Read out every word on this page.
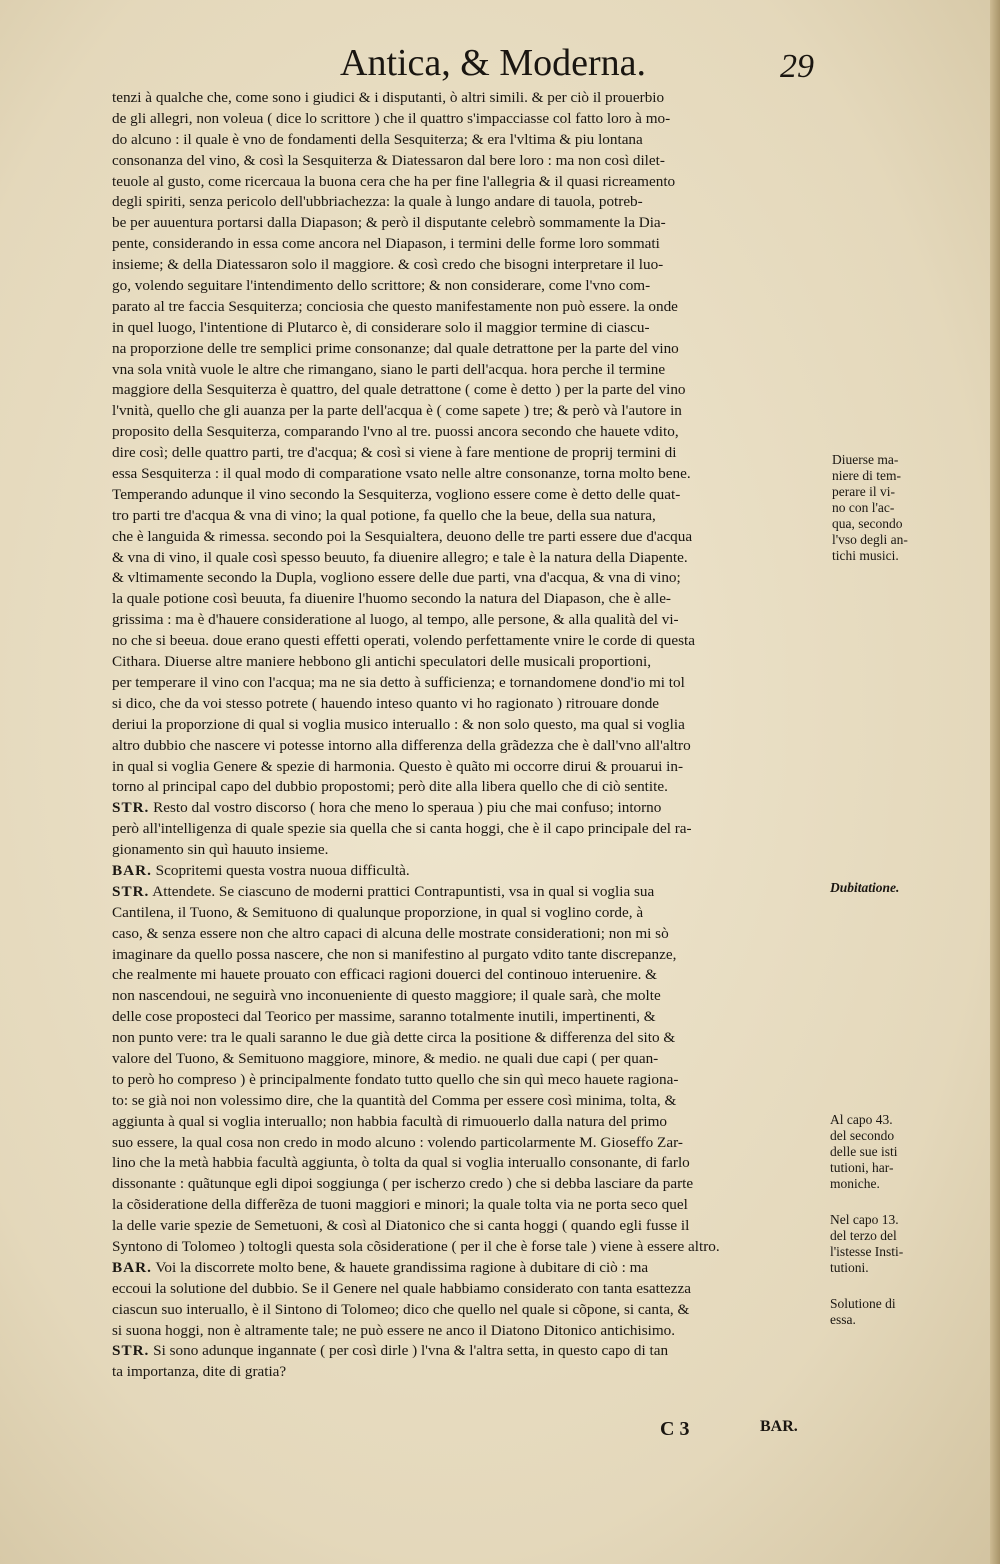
Antica, & Moderna.	29
tenzi à qualche che, come sono i giudici & i disputanti, ò altri simili. & per ciò il prouerbio
de gli allegri, non voleua ( dice lo scrittore ) che il quattro s'impacciasse col fatto loro à mo-
do alcuno : il quale è vno de fondamenti della Sesquiterza; & era l'vltima & piu lontana
consonanza del vino, & così la Sesquiterza & Diatessaron dal bere loro : ma non così dilet-
teuole al gusto, come ricercaua la buona cera che ha per fine l'allegria & il quasi ricreamento
degli spiriti, senza pericolo dell'ubbriachezza: la quale à lungo andare di tauola, potreb-
be per auuentura portarsi dalla Diapason; & però il disputante celebrò sommamente la Dia-
pente, considerando in essa come ancora nel Diapason, i termini delle forme loro sommati
insieme; & della Diatessaron solo il maggiore. & così credo che bisogni interpretare il luo-
go, volendo seguitare l'intendimento dello scrittore; & non considerare, come l'vno com-
parato al tre faccia Sesquiterza; conciosia che questo manifestamente non può essere. la onde
in quel luogo, l'intentione di Plutarco è, di considerare solo il maggior termine di ciascu-
na proporzione delle tre semplici prime consonanze; dal quale detrattone per la parte del vino
vna sola vnità vuole le altre che rimangano, siano le parti dell'acqua. hora perche il termine
maggiore della Sesquiterza è quattro, del quale detrattone ( come è detto ) per la parte del vino
l'vnità, quello che gli auanza per la parte dell'acqua è ( come sapete ) tre; & però và l'autore in
proposito della Sesquiterza, comparando l'vno al tre. puossi ancora secondo che hauete vdito,
dire così; delle quattro parti, tre d'acqua; & così si viene à fare mentione de proprij termini di
essa Sesquiterza : il qual modo di comparatione vsato nelle altre consonanze, torna molto bene.
Temperando adunque il vino secondo la Sesquiterza, vogliono essere come è detto delle quat-
tro parti tre d'acqua & vna di vino; la qual potione, fa quello che la beue, della sua natura,
che è languida & rimessa. secondo poi la Sesquialtera, deuono delle tre parti essere due d'acqua
& vna di vino, il quale così spesso beuuto, fa diuenire allegro; e tale è la natura della Diapente.
& vltimamente secondo la Dupla, vogliono essere delle due parti, vna d'acqua, & vna di vino;
la quale potione così beuuta, fa diuenire l'huomo secondo la natura del Diapason, che è alle-
grissima : ma è d'hauere consideratione al luogo, al tempo, alle persone, & alla qualità del vi-
no che si beeua. doue erano questi effetti operati, volendo perfettamente vnire le corde di questa
Cithara. Diuerse altre maniere hebbono gli antichi speculatori delle musicali proportioni,
per temperare il vino con l'acqua; ma ne sia detto à sufficienza; e tornandomene dond'io mi tol
si dico, che da voi stesso potrete ( hauendo inteso quanto vi ho ragionato ) ritrouare donde
deriui la proporzione di qual si voglia musico interuallo : & non solo questo, ma qual si voglia
altro dubbio che nascere vi potesse intorno alla differenza della grãdezza che è dall'vno all'altro
in qual si voglia Genere & spezie di harmonia. Questo è quãto mi occorre dirui & prouarui in-
torno al principal capo del dubbio propostomi; però dite alla libera quello che di ciò sentite.
STR. Resto dal vostro discorso ( hora che meno lo speraua ) piu che mai confuso; intorno
però all'intelligenza di quale spezie sia quella che si canta hoggi, che è il capo principale del ra-
gionamento sin quì hauuto insieme.
BAR. Scopritemi questa vostra nuoua difficultà.
STR. Attendete. Se ciascuno de moderni prattici Contrapuntisti, vsa in qual si voglia sua
Cantilena, il Tuono, & Semituono di qualunque proporzione, in qual si voglino corde, à
caso, & senza essere non che altro capaci di alcuna delle mostrate considerationi; non mi sò
imaginare da quello possa nascere, che non si manifestino al purgato vdito tante discrepanze,
che realmente mi hauete prouato con efficaci ragioni douerci del continouo interuenire. &
non nascendoui, ne seguirà vno inconueniente di questo maggiore; il quale sarà, che molte
delle cose proposteci dal Teorico per massime, saranno totalmente inutili, impertinenti, &
non punto vere: tra le quali saranno le due già dette circa la positione & differenza del sito &
valore del Tuono, & Semituono maggiore, minore, & medio. ne quali due capi ( per quan-
to però ho compreso ) è principalmente fondato tutto quello che sin quì meco hauete ragiona-
to: se già noi non volessimo dire, che la quantità del Comma per essere così minima, tolta, &
aggiunta à qual si voglia interuallo; non habbia facultà di rimuouerlo dalla natura del primo
suo essere, la qual cosa non credo in modo alcuno : volendo particolarmente M. Gioseffo Zar-
lino che la metà habbia facultà aggiunta, ò tolta da qual si voglia interuallo consonante, di farlo
dissonante : quãtunque egli dipoi soggiunga ( per ischerzo credo ) che si debba lasciare da parte
la cõsideratione della differẽza de tuoni maggiori e minori; la quale tolta via ne porta seco quel
la delle varie spezie de Semetuoni, & così al Diatonico che si canta hoggi ( quando egli fusse il
Syntono di Tolomeo ) toltogli questa sola cõsideratione ( per il che è forse tale ) viene à essere altro.
BAR. Voi la discorrete molto bene, & hauete grandissima ragione à dubitare di ciò : ma
eccoui la solutione del dubbio. Se il Genere nel quale habbiamo considerato con tanta esattezza
ciascun suo interuallo, è il Sintono di Tolomeo; dico che quello nel quale si cõpone, si canta, &
si suona hoggi, non è altramente tale; ne può essere ne anco il Diatono Ditonico antichisimo.
STR. Si sono adunque ingannate ( per così dirle ) l'vna & l'altra setta, in questo capo di tan
ta importanza, dite di gratia?
Diuerse ma-
niere di tem-
perare il vi-
no con l'ac-
qua, secondo
l'vso degli an-
tichi musici.
Dubitatione.
Al capo 43.
del secondo
delle sue isti
tutioni, har-
moniche.
Nel capo 13.
del terzo del
l'istesse Insti-
tutioni.
Solutione di
essa.
C 3	BAR.
